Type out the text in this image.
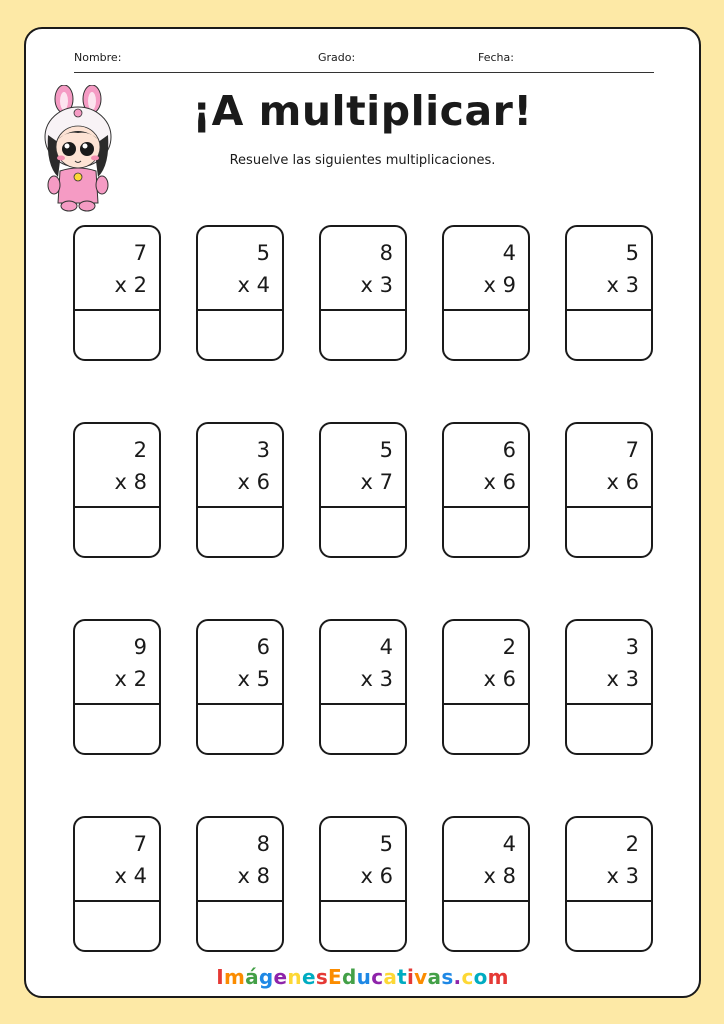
Nombre:	Grado:	Fecha:
¡A multiplicar!
Resuelve las siguientes multiplicaciones.
7
x 2
5
x 4
8
x 3
4
x 9
5
x 3
2
x 8
3
x 6
5
x 7
6
x 6
7
x 6
9
x 2
6
x 5
4
x 3
2
x 6
3
x 3
7
x 4
8
x 8
5
x 6
4
x 8
2
x 3
ImágenesEducativas.com
